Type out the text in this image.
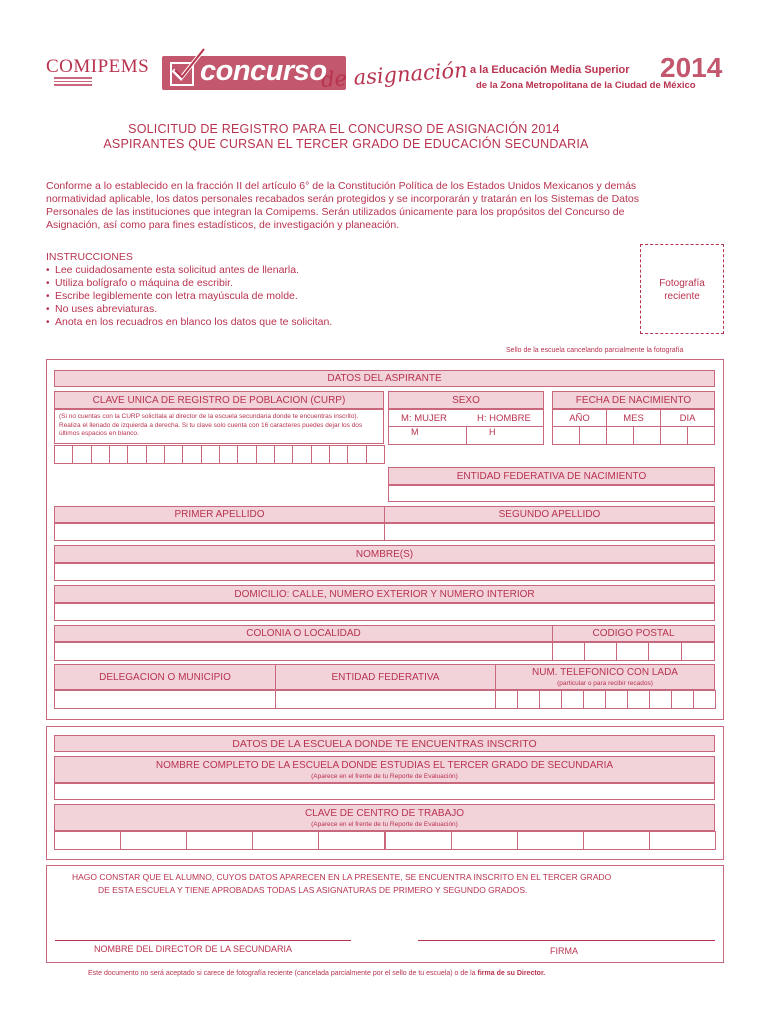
COMIPEMS concurso
de asignación a la Educación Media Superior
de la Zona Metropolitana de la Ciudad de México
2014
SOLICITUD DE REGISTRO PARA EL CONCURSO DE ASIGNACIÓN 2014
ASPIRANTES QUE CURSAN EL TERCER GRADO DE EDUCACIÓN SECUNDARIA
Conforme a lo establecido en la fracción II del artículo 6° de la Constitución Política de los Estados Unidos Mexicanos y demás normatividad aplicable, los datos personales recabados serán protegidos y se incorporarán y tratarán en los Sistemas de Datos Personales de las instituciones que integran la Comipems. Serán utilizados únicamente para los propósitos del Concurso de Asignación, así como para fines estadísticos, de investigación y planeación.
INSTRUCCIONES
• Lee cuidadosamente esta solicitud antes de llenarla.
• Utiliza bolígrafo o máquina de escribir.
• Escribe legiblemente con letra mayúscula de molde.
• No uses abreviaturas.
• Anota en los recuadros en blanco los datos que te solicitan.
Fotografía
reciente
Sello de la escuela cancelando parcialmente la fotografía
DATOS DEL ASPIRANTE
CLAVE UNICA DE REGISTRO DE POBLACION (CURP)
(Si no cuentas con la CURP solicítala al director de la escuela secundaria donde te encuentras inscrito). Realiza el llenado de izquierda a derecha. Si tu clave solo cuenta con 16 caracteres puedes dejar los dos últimos espacios en blanco.
SEXO
M: MUJER	H: HOMBRE
M	H
FECHA DE NACIMIENTO
AÑO	MES	DIA
ENTIDAD FEDERATIVA DE NACIMIENTO
PRIMER APELLIDO	SEGUNDO APELLIDO
NOMBRE(S)
DOMICILIO: CALLE, NUMERO EXTERIOR Y NUMERO INTERIOR
COLONIA O LOCALIDAD	CODIGO POSTAL
DELEGACION O MUNICIPIO	ENTIDAD FEDERATIVA	NUM. TELEFONICO CON LADA
(particular o para recibir recados)
DATOS DE LA ESCUELA DONDE TE ENCUENTRAS INSCRITO
NOMBRE COMPLETO DE LA ESCUELA DONDE ESTUDIAS EL TERCER GRADO DE SECUNDARIA
(Aparece en el frente de tu Reporte de Evaluación)
CLAVE DE CENTRO DE TRABAJO
(Aparece en el frente de tu Reporte de Evaluación)
HAGO CONSTAR QUE EL ALUMNO, CUYOS DATOS APARECEN EN LA PRESENTE, SE ENCUENTRA INSCRITO EN EL TERCER GRADO
DE ESTA ESCUELA Y TIENE APROBADAS TODAS LAS ASIGNATURAS DE PRIMERO Y SEGUNDO GRADOS.
NOMBRE DEL DIRECTOR DE LA SECUNDARIA	FIRMA
Este documento no será aceptado si carece de fotografía reciente (cancelada parcialmente por el sello de tu escuela) o de la firma de su Director.
